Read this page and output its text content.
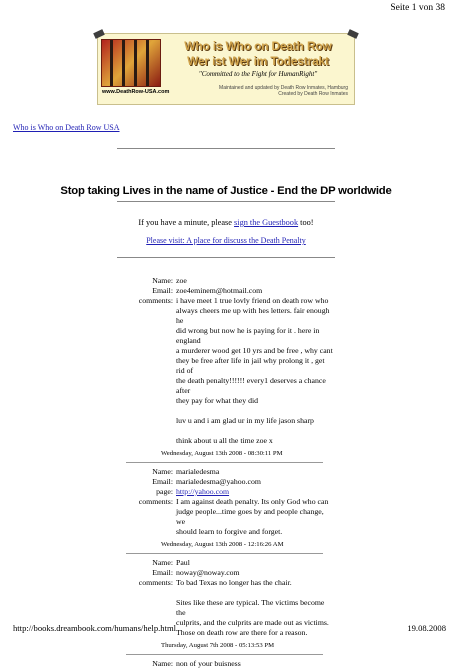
Seite 1 von 38
www.DeathRow-USA.com
Who is Who on Death Row
Wer ist Wer im Todestrakt
"Committed to the Fight for HumanRight"
Maintained and updated by Death Row Inmates, Hamburg
Created by Death Row Inmates
Who is Who on Death Row USA
Stop taking Lives in the name of Justice - End the DP worldwide
If you have a minute, please sign the Guestbook too!
Please visit: A place for discuss the Death Penalty
Name: zoe
Email: zoe4eminem@hotmail.com
comments: i have meet 1 true lovly friend on death row who
always cheers me up with hes letters. fair enough he
did wrong but now he is paying for it . here in england
a murderer wood get 10 yrs and be free , why cant
they be free after life in jail why prolong it , get rid of
the death penalty!!!!!! every1 deserves a chance after
they pay for what they did

luv u and i am glad ur in my life jason sharp

think about u all the time zoe x

Wednesday, August 13th 2008 - 08:30:11 PM
Name: marialedesma
Email: marialedesma@yahoo.com
page: http://yahoo.com
comments: I am against death penalty. Its only God who can
judge people...time goes by and people change, we
should learn to forgive and forget.
Wednesday, August 13th 2008 - 12:16:26 AM
Name: Paul
Email: noway@noway.com
comments: To bad Texas no longer has the chair.

Sites like these are typical. The victims become the
culprits, and the culprits are made out as victims.
Those on death row are there for a reason.

Thursday, August 7th 2008 - 05:13:53 PM
Name: non of your buisness
http://books.dreambook.com/humans/help.html	19.08.2008
